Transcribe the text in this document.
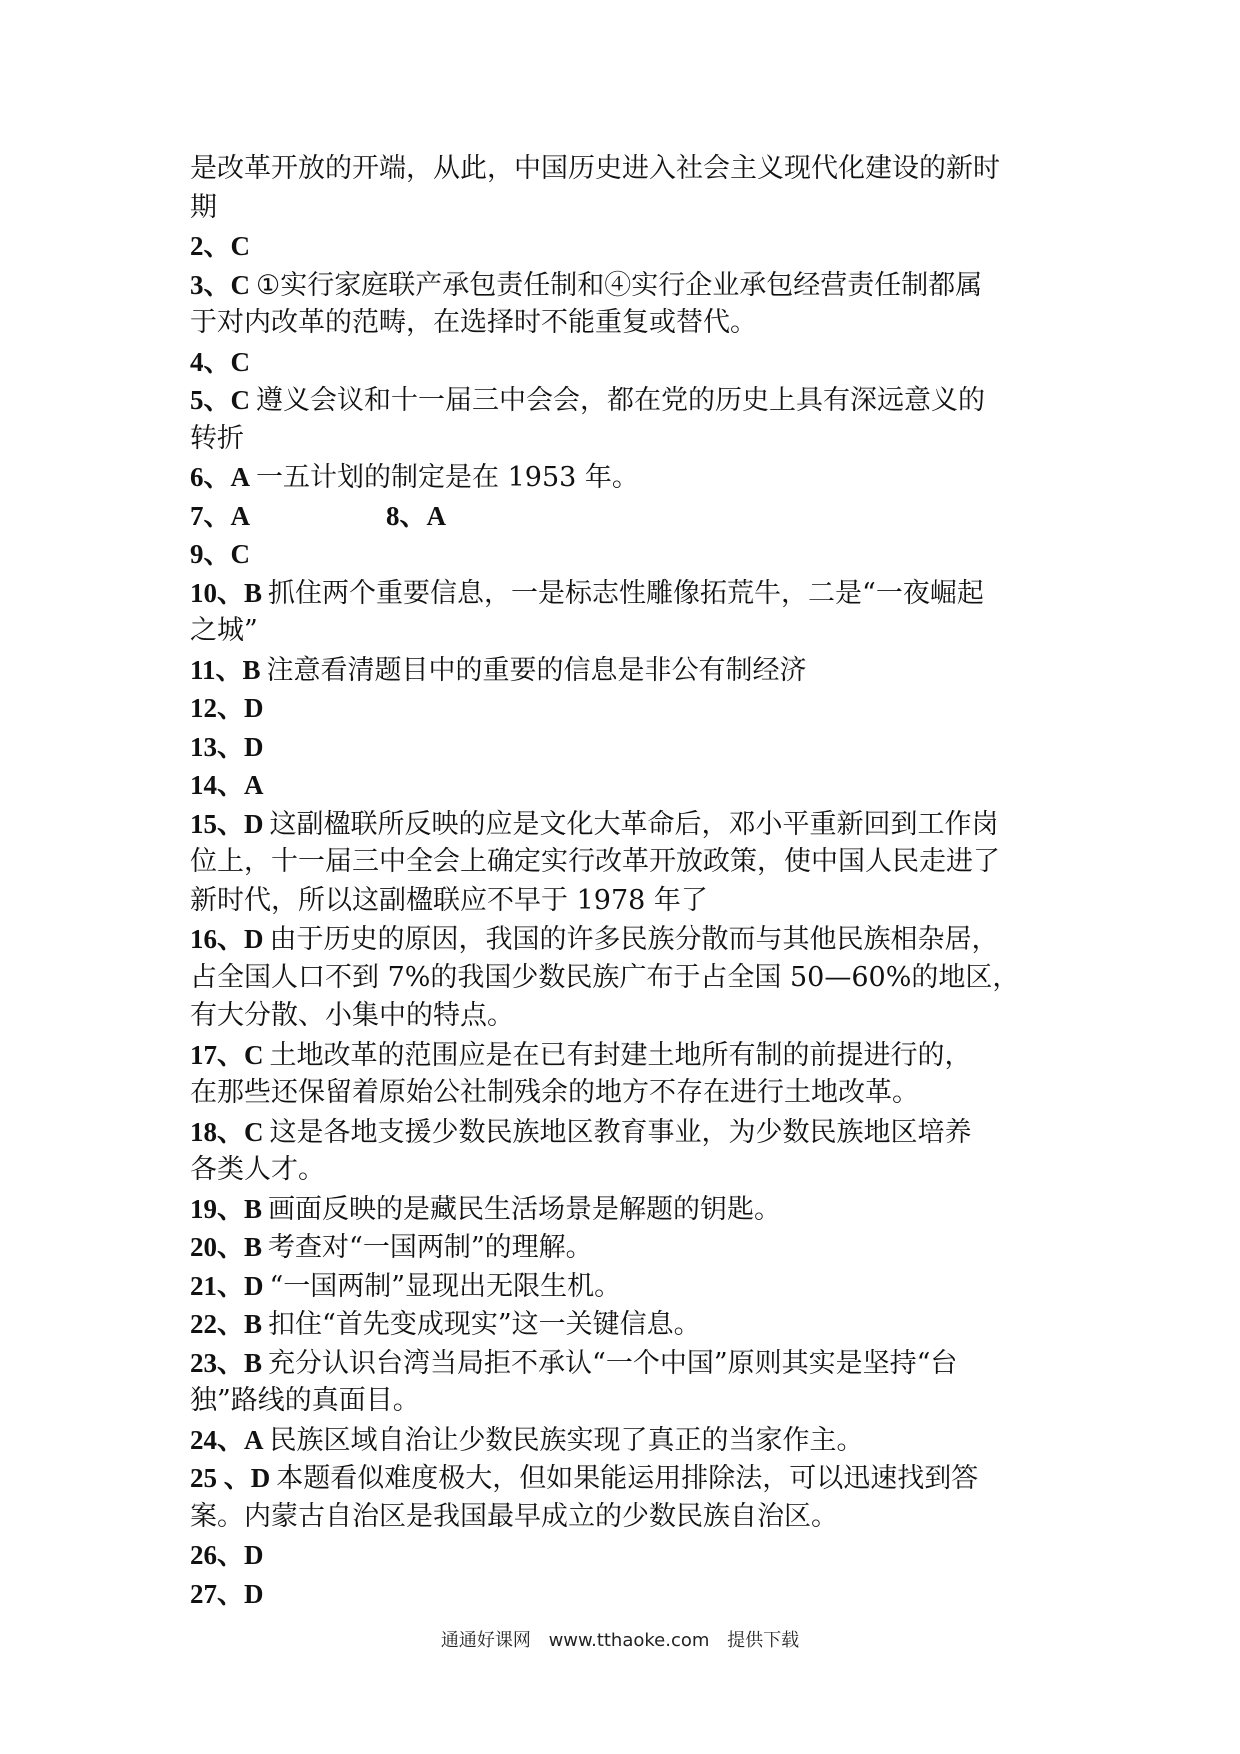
是改革开放的开端，从此，中国历史进入社会主义现代化建设的新时
期
2、C
3、C ①实行家庭联产承包责任制和④实行企业承包经营责任制都属
于对内改革的范畴，在选择时不能重复或替代。
4、C
5、C 遵义会议和十一届三中会会，都在党的历史上具有深远意义的
转折
6、A 一五计划的制定是在 1953 年。
7、A	8、A
9、C
10、B 抓住两个重要信息，一是标志性雕像拓荒牛，二是“一夜崛起
之城”
11、B 注意看清题目中的重要的信息是非公有制经济
12、D
13、D
14、A
15、D 这副楹联所反映的应是文化大革命后，邓小平重新回到工作岗
位上，十一届三中全会上确定实行改革开放政策，使中国人民走进了
新时代，所以这副楹联应不早于 1978 年了
16、D 由于历史的原因，我国的许多民族分散而与其他民族相杂居，
占全国人口不到 7%的我国少数民族广布于占全国 50—60%的地区，
有大分散、小集中的特点。
17、C 土地改革的范围应是在已有封建土地所有制的前提进行的，
在那些还保留着原始公社制残余的地方不存在进行土地改革。
18、C 这是各地支援少数民族地区教育事业，为少数民族地区培养
各类人才。
19、B 画面反映的是藏民生活场景是解题的钥匙。
20、B 考查对“一国两制”的理解。
21、D “一国两制”显现出无限生机。
22、B 扣住“首先变成现实”这一关键信息。
23、B 充分认识台湾当局拒不承认“一个中国”原则其实是坚持“台
独”路线的真面目。
24、A 民族区域自治让少数民族实现了真正的当家作主。
25 、D 本题看似难度极大，但如果能运用排除法，可以迅速找到答
案。内蒙古自治区是我国最早成立的少数民族自治区。
26、D
27、D
通通好课网 www.tthaoke.com 提供下载
